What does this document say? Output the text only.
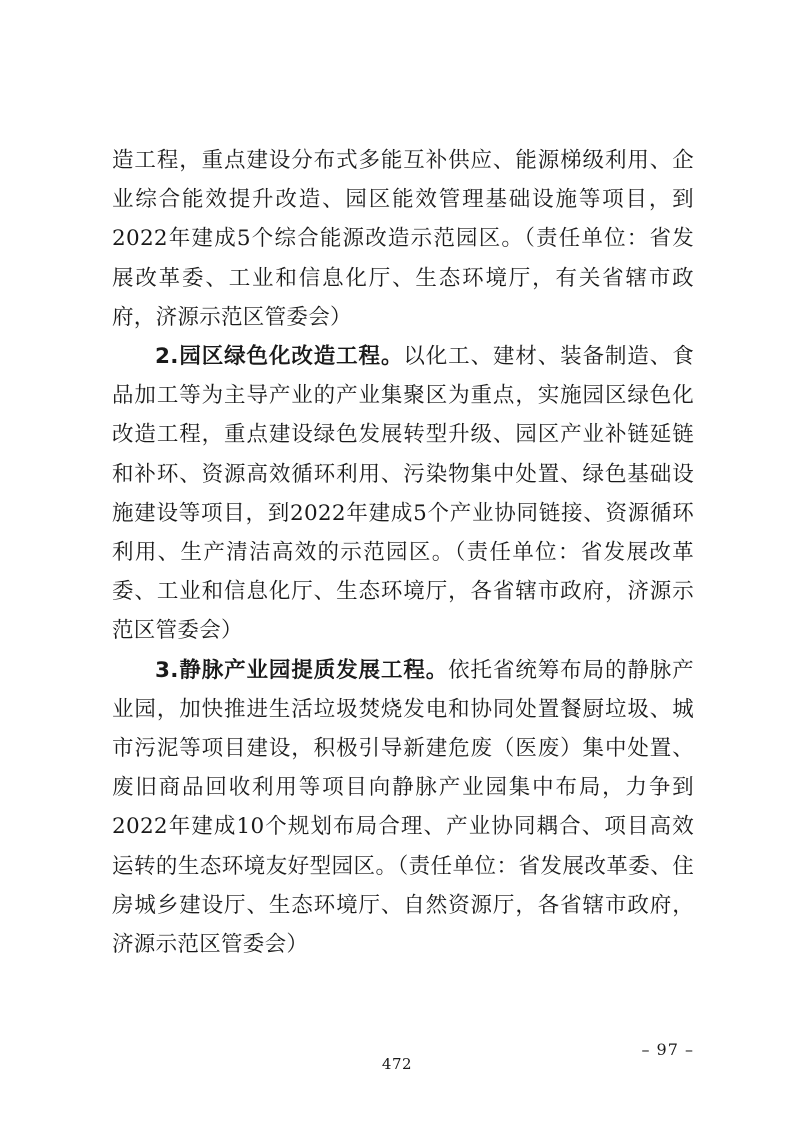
造工程，重点建设分布式多能互补供应、能源梯级利用、企业综合能效提升改造、园区能效管理基础设施等项目，到2022年建成5个综合能源改造示范园区。（责任单位：省发展改革委、工业和信息化厅、生态环境厅，有关省辖市政府，济源示范区管委会）

2.园区绿色化改造工程。以化工、建材、装备制造、食品加工等为主导产业的产业集聚区为重点，实施园区绿色化改造工程，重点建设绿色发展转型升级、园区产业补链延链和补环、资源高效循环利用、污染物集中处置、绿色基础设施建设等项目，到2022年建成5个产业协同链接、资源循环利用、生产清洁高效的示范园区。（责任单位：省发展改革委、工业和信息化厅、生态环境厅，各省辖市政府，济源示范区管委会）

3.静脉产业园提质发展工程。依托省统筹布局的静脉产业园，加快推进生活垃圾焚烧发电和协同处置餐厨垃圾、城市污泥等项目建设，积极引导新建危废（医废）集中处置、废旧商品回收利用等项目向静脉产业园集中布局，力争到2022年建成10个规划布局合理、产业协同耦合、项目高效运转的生态环境友好型园区。（责任单位：省发展改革委、住房城乡建设厅、生态环境厅、自然资源厅，各省辖市政府，济源示范区管委会）

– 97 –
472
